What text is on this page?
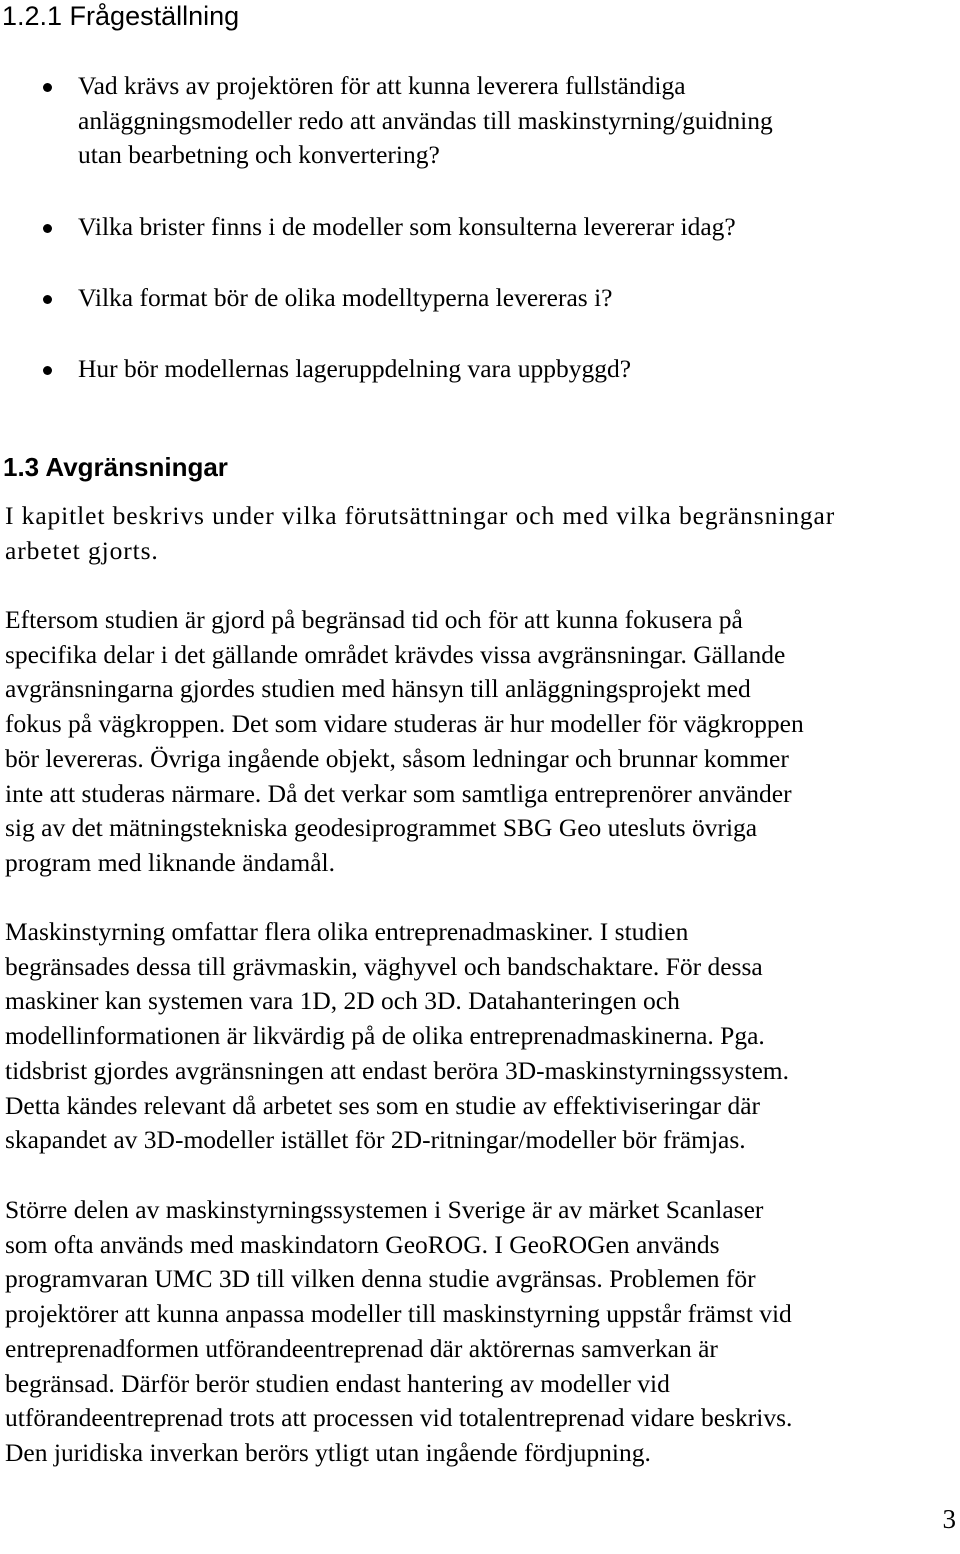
1.2.1 Frågeställning
Vad krävs av projektören för att kunna leverera fullständiga
anläggningsmodeller redo att användas till maskinstyrning/guidning
utan bearbetning och konvertering?
Vilka brister finns i de modeller som konsulterna levererar idag?
Vilka format bör de olika modelltyperna levereras i?
Hur bör modellernas lageruppdelning vara uppbyggd?
1.3 Avgränsningar

I kapitlet beskrivs under vilka förutsättningar och med vilka begränsningar
arbetet gjorts.

Eftersom studien är gjord på begränsad tid och för att kunna fokusera på
specifika delar i det gällande området krävdes vissa avgränsningar. Gällande
avgränsningarna gjordes studien med hänsyn till anläggningsprojekt med
fokus på vägkroppen. Det som vidare studeras är hur modeller för vägkroppen
bör levereras. Övriga ingående objekt, såsom ledningar och brunnar kommer
inte att studeras närmare. Då det verkar som samtliga entreprenörer använder
sig av det mätningstekniska geodesiprogrammet SBG Geo utesluts övriga
program med liknande ändamål.

Maskinstyrning omfattar flera olika entreprenadmaskiner. I studien
begränsades dessa till grävmaskin, väghyvel och bandschaktare. För dessa
maskiner kan systemen vara 1D, 2D och 3D. Datahanteringen och
modellinformationen är likvärdig på de olika entreprenadmaskinerna. Pga.
tidsbrist gjordes avgränsningen att endast beröra 3D-maskinstyrningssystem.
Detta kändes relevant då arbetet ses som en studie av effektiviseringar där
skapandet av 3D-modeller istället för 2D-ritningar/modeller bör främjas.

Större delen av maskinstyrningssystemen i Sverige är av märket Scanlaser
som ofta används med maskindatorn GeoROG. I GeoROGen används
programvaran UMC 3D till vilken denna studie avgränsas. Problemen för
projektörer att kunna anpassa modeller till maskinstyrning uppstår främst vid
entreprenadformen utförandeentreprenad där aktörernas samverkan är
begränsad. Därför berör studien endast hantering av modeller vid
utförandeentreprenad trots att processen vid totalentreprenad vidare beskrivs.
Den juridiska inverkan berörs ytligt utan ingående fördjupning.

3
